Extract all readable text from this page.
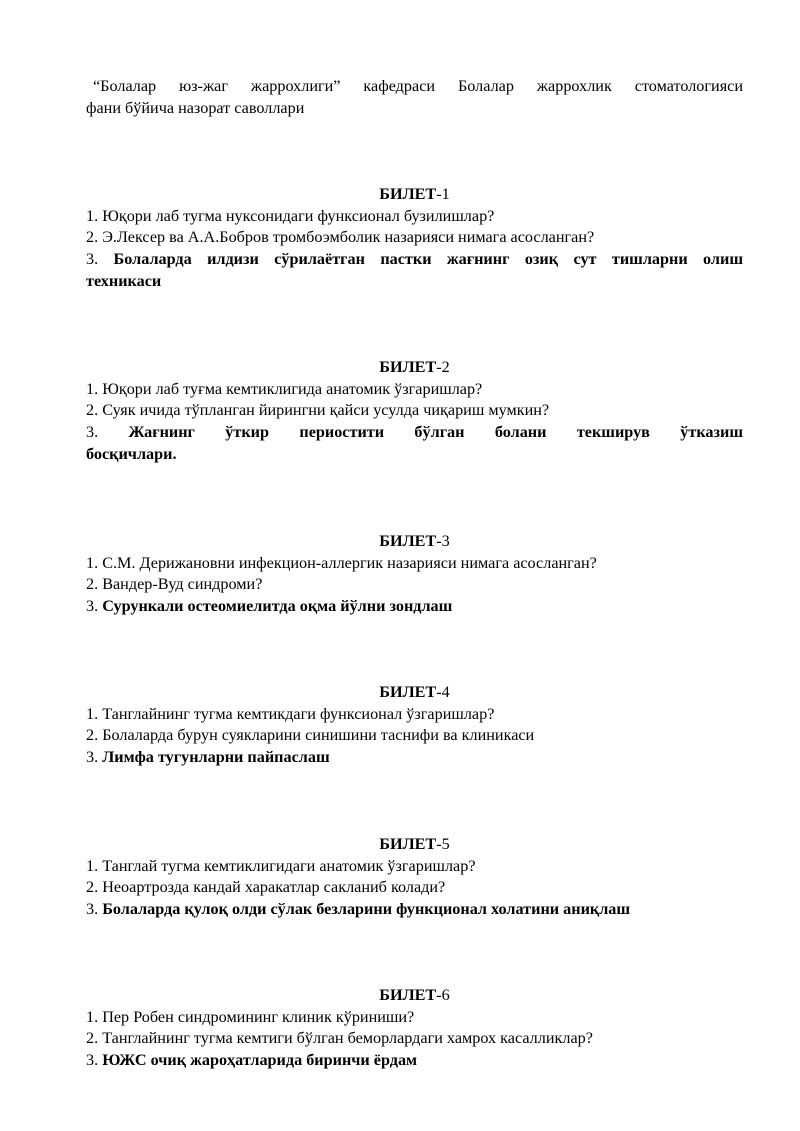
“Болалар юз-жаг жаррохлиги” кафедраси Болалар жаррохлик стоматологияси
фани бўйича назорат саволлари
БИЛЕТ-1
1. Юқори лаб тугма нуксонидаги функсионал бузилишлар?
2. Э.Лексер ва А.А.Бобров тромбоэмболик назарияси нимага асосланган?
3. Болаларда илдизи сўрилаётган пастки жағнинг озиқ сут тишларни олиш
техникаси
БИЛЕТ-2
1. Юқори лаб туғма кемтиклигида анатомик ўзгаришлар?
2. Суяк ичида тўпланган йирингни қайси усулда чиқариш мумкин?
3. Жағнинг ўткир периостити бўлган болани текширув ўтказиш
босқичлари.
БИЛЕТ-3
1. С.М. Дерижановни инфекцион-аллергик назарияси нимага асосланган?
2. Вандер-Вуд синдроми?
3. Сурункали остеомиелитда оқма йўлни зондлаш
БИЛЕТ-4
1. Танглайнинг тугма кемтикдаги функсионал ўзгаришлар?
2. Болаларда бурун суякларини синишини таснифи ва клиникаси
3. Лимфа тугунларни пайпаслаш
БИЛЕТ-5
1. Танглай тугма кемтиклигидаги анатомик ўзгаришлар?
2. Неоартрозда кандай харакатлар сакланиб колади?
3. Болаларда қулоқ олди сўлак безларини функционал холатини аниқлаш
БИЛЕТ-6
1. Пер Робен синдромининг клиник кўриниши?
2. Танглайнинг тугма кемтиги бўлган беморлардаги хамрох касалликлар?
3. ЮЖС очиқ жароҳатларида биринчи ёрдам
